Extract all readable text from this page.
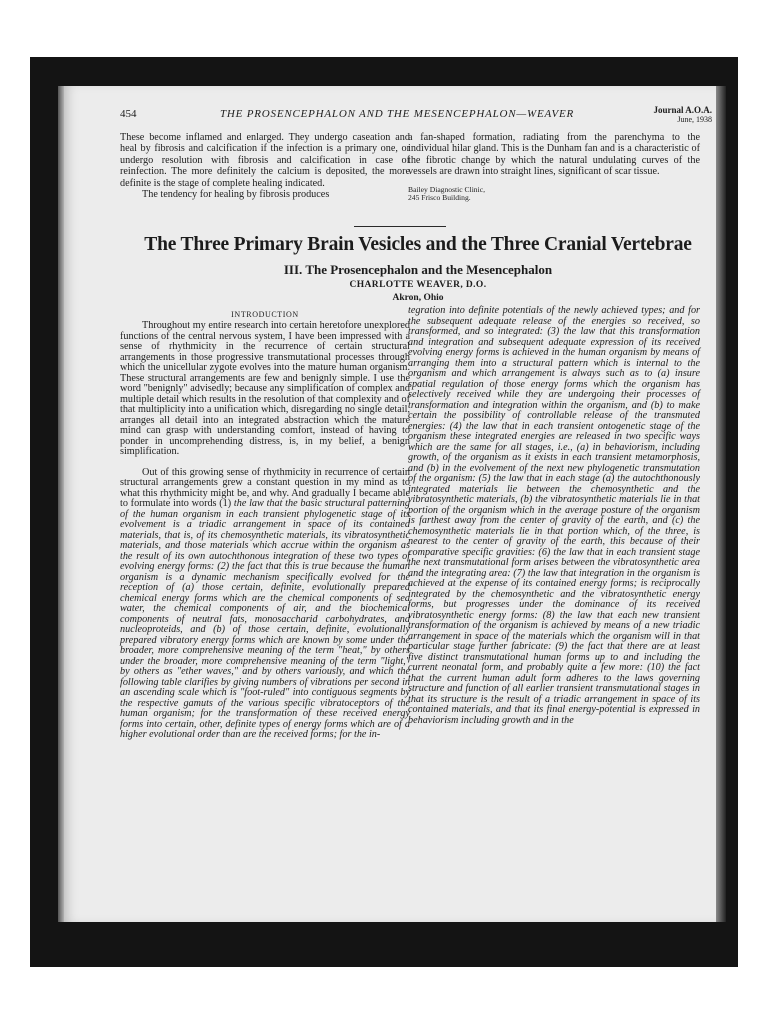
454	THE PROSENCEPHALON AND THE MESENCEPHALON—WEAVER	Journal A.O.A.
June, 1938

These become inflamed and enlarged. They undergo caseation and heal by fibrosis and calcification if the infection is a primary one, or undergo resolution with fibrosis and calcification in case of reinfection. The more definitely the calcium is deposited, the more definite is the stage of complete healing indicated.

The tendency for healing by fibrosis produces

a fan-shaped formation, radiating from the parenchyma to the individual hilar gland. This is the Dunham fan and is a characteristic of the fibrotic change by which the natural undulating curves of the vessels are drawn into straight lines, significant of scar tissue.

Bailey Diagnostic Clinic,
245 Frisco Building.

The Three Primary Brain Vesicles and the Three Cranial Vertebrae
III. The Prosencephalon and the Mesencephalon
CHARLOTTE WEAVER, D.O.
Akron, Ohio
INTRODUCTION

Throughout my entire research into certain heretofore unexplored functions of the central nervous system, I have been impressed with a sense of rhythmicity in the recurrence of certain structural arrangements in those progressive transmutational processes through which the unicellular zygote evolves into the mature human organism. These structural arrangements are few and benignly simple. I use the word "benignly" advisedly; because any simplification of complex and multiple detail which results in the resolution of that complexity and of that multiplicity into a unification which, disregarding no single detail, arranges all detail into an integrated abstraction which the mature mind can grasp with understanding comfort, instead of having to ponder in uncomprehending distress, is, in my belief, a benign simplification.

Out of this growing sense of rhythmicity in recurrence of certain structural arrangements grew a constant question in my mind as to what this rhythmicity might be, and why. And gradually I became able to formulate into words (1) the law that the basic structural patterning of the human organism in each transient phylogenetic stage of its evolvement is a triadic arrangement in space of its contained materials, that is, of its chemosynthetic materials, its vibratosynthetic materials, and those materials which accrue within the organism as the result of its own autochthonous integration of these two types of evolving energy forms: (2) the fact that this is true because the human organism is a dynamic mechanism specifically evolved for the reception of (a) those certain, definite, evolutionally prepared chemical energy forms which are the chemical components of sea water, the chemical components of air, and the biochemical components of neutral fats, monosaccharid carbohydrates, and nucleoproteids, and (b) of those certain, definite, evolutionally prepared vibratory energy forms which are known by some under the broader, more comprehensive meaning of the term "heat," by others under the broader, more comprehensive meaning of the term "light," by others as "ether waves," and by others variously, and which the following table clarifies by giving numbers of vibrations per second in an ascending scale which is "foot-ruled" into contiguous segments by the respective gamuts of the various specific vibratoceptors of the human organism; for the transformation of these received energy forms into certain, other, definite types of energy forms which are of a higher evolutional order than are the received forms; for the in-

tegration into definite potentials of the newly achieved types; and for the subsequent adequate release of the energies so received, so transformed, and so integrated: (3) the law that this transformation and integration and subsequent adequate expression of its received evolving energy forms is achieved in the human organism by means of arranging them into a structural pattern which is internal to the organism and which arrangement is always such as to (a) insure spatial regulation of those energy forms which the organism has selectively received while they are undergoing their processes of transformation and integration within the organism, and (b) to make certain the possibility of controllable release of the transmuted energies: (4) the law that in each transient ontogenetic stage of the organism these integrated energies are released in two specific ways which are the same for all stages, i.e., (a) in behaviorism, including growth, of the organism as it exists in each transient metamorphosis, and (b) in the evolvement of the next new phylogenetic transmutation of the organism: (5) the law that in each stage (a) the autochthonously integrated materials lie between the chemosynthetic and the vibratosynthetic materials, (b) the vibratosynthetic materials lie in that portion of the organism which in the average posture of the organism is farthest away from the center of gravity of the earth, and (c) the chemosynthetic materials lie in that portion which, of the three, is nearest to the center of gravity of the earth, this because of their comparative specific gravities: (6) the law that in each transient stage the next transmutational form arises between the vibratosynthetic area and the integrating area: (7) the law that integration in the organism is achieved at the expense of its contained energy forms; is reciprocally integrated by the chemosynthetic and the vibratosynthetic energy forms, but progresses under the dominance of its received vibratosynthetic energy forms: (8) the law that each new transient transformation of the organism is achieved by means of a new triadic arrangement in space of the materials which the organism will in that particular stage further fabricate: (9) the fact that there are at least five distinct transmutational human forms up to and including the current neonatal form, and probably quite a few more: (10) the fact that the current human adult form adheres to the laws governing structure and function of all earlier transient transmutational stages in that its structure is the result of a triadic arrangement in space of its contained materials, and that its final energy-potential is expressed in behaviorism including growth and in the
